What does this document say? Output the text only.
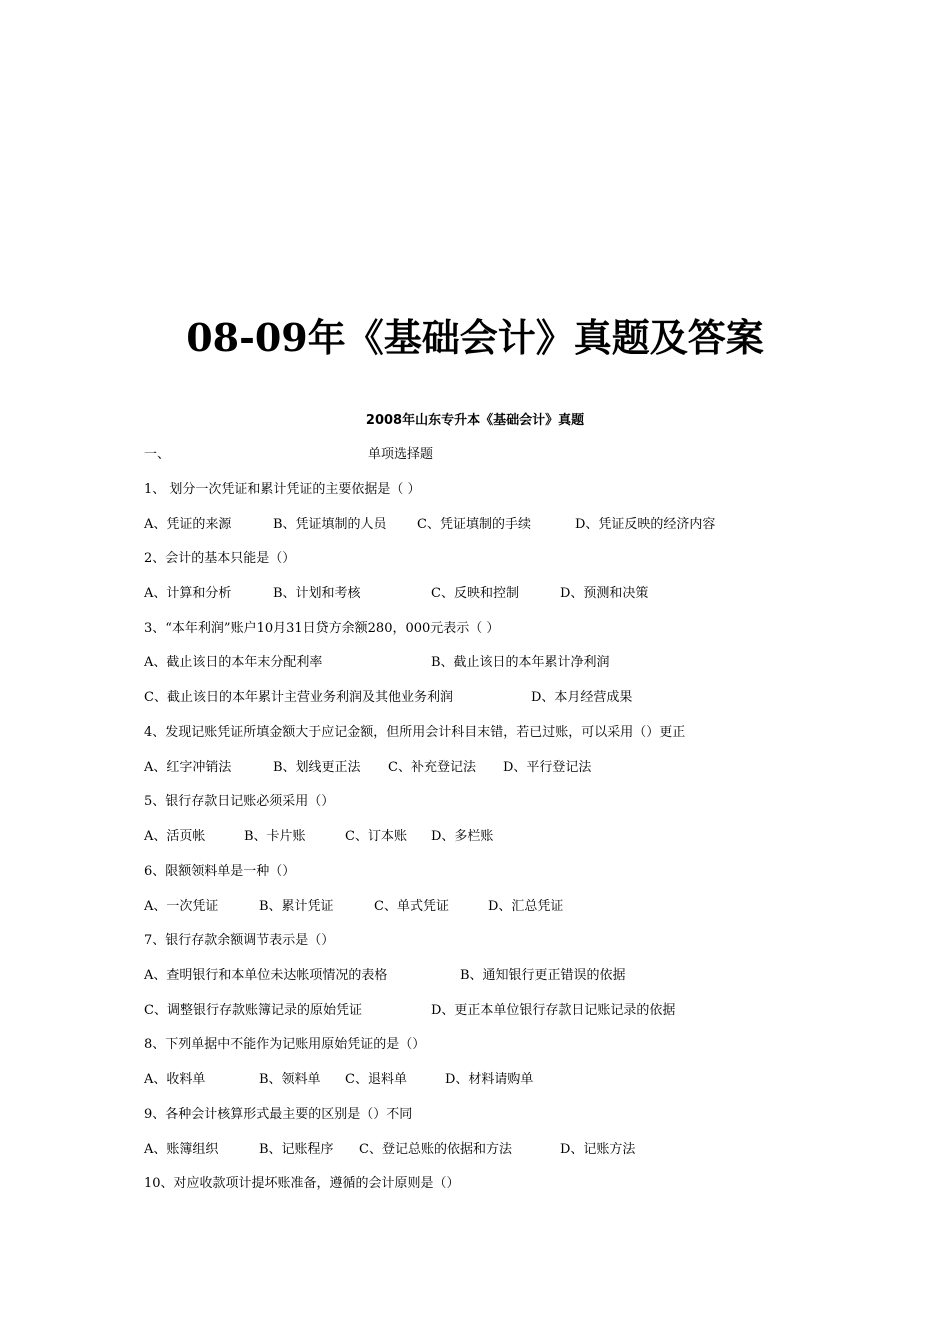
08-09年《基础会计》真题及答案
2008年山东专升本《基础会计》真题
一、	单项选择题
1、 划分一次凭证和累计凭证的主要依据是（ ）
A、凭证的来源	B、凭证填制的人员 C、凭证填制的手续	D、凭证反映的经济内容
2、会计的基本只能是（）
A、计算和分析	B、计划和考核	C、反映和控制	D、预测和决策
3、“本年利润”账户10月31日贷方余额280，000元表示（ ）
A、截止该日的本年末分配利率	B、截止该日的本年累计净利润
C、截止该日的本年累计主营业务利润及其他业务利润	D、本月经营成果
4、发现记账凭证所填金额大于应记金额，但所用会计科目末错，若已过账，可以采用（）更正
A、红字冲销法	B、划线更正法 C、补充登记法 D、平行登记法
5、银行存款日记账必须采用（）
A、活页帐	B、卡片账	C、订本账 D、多栏账
6、限额领料单是一种（）
A、一次凭证	B、累计凭证	C、单式凭证	D、汇总凭证
7、银行存款余额调节表示是（）
A、查明银行和本单位未达帐项情况的表格	B、通知银行更正错误的依据
C、调整银行存款账簿记录的原始凭证	D、更正本单位银行存款日记账记录的依据
8、下列单据中不能作为记账用原始凭证的是（）
A、收料单	B、领料单 C、退料单	D、材料请购单
9、各种会计核算形式最主要的区别是（）不同
A、账簿组织	B、记账程序 C、登记总账的依据和方法	D、记账方法
10、对应收款项计提坏账准备，遵循的会计原则是（）
